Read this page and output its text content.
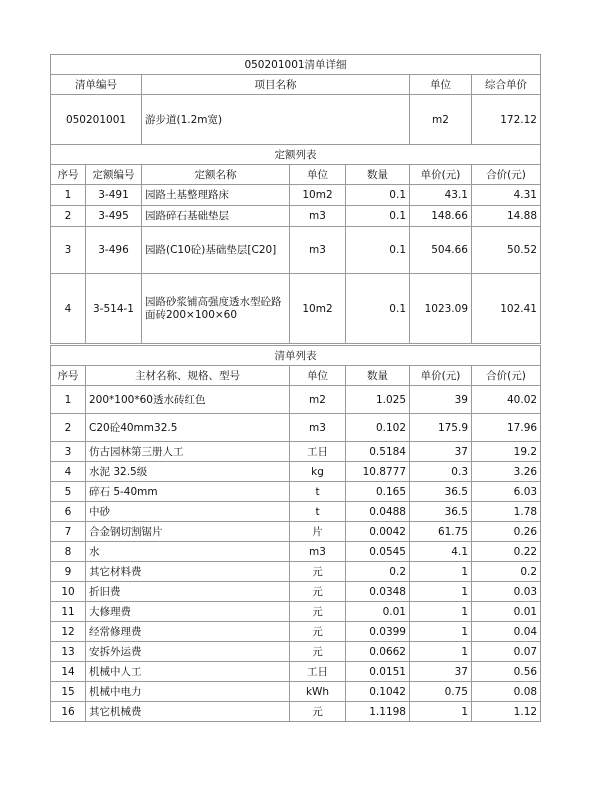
050201001清单详细			
清单编号	项目名称	单位	综合单价
050201001	游步道(1.2m宽)	m2	172.12
定额列表						
序号	定额编号	定额名称	单位	数量	单价(元)	合价(元)
1	3-491	园路土基整理路床	10m2	0.1	43.1	4.31
2	3-495	园路碎石基础垫层	m3	0.1	148.66	14.88
3	3-496	园路(C10砼)基础垫层[C20]	m3	0.1	504.66	50.52
4	3-514-1	园路砂浆铺高强度透水型砼路面砖200×100×60	10m2	0.1	1023.09	102.41
清单列表					
序号	主材名称、规格、型号	单位	数量	单价(元)	合价(元)
1	200*100*60透水砖红色	m2	1.025	39	40.02
2	C20砼40mm32.5	m3	0.102	175.9	17.96
3	仿古园林第三册人工	工日	0.5184	37	19.2
4	水泥 32.5级	kg	10.8777	0.3	3.26
5	碎石 5-40mm	t	0.165	36.5	6.03
6	中砂	t	0.0488	36.5	1.78
7	合金钢切割锯片	片	0.0042	61.75	0.26
8	水	m3	0.0545	4.1	0.22
9	其它材料费	元	0.2	1	0.2
10	折旧费	元	0.0348	1	0.03
11	大修理费	元	0.01	1	0.01
12	经常修理费	元	0.0399	1	0.04
13	安拆外运费	元	0.0662	1	0.07
14	机械中人工	工日	0.0151	37	0.56
15	机械中电力	kWh	0.1042	0.75	0.08
16	其它机械费	元	1.1198	1	1.12
